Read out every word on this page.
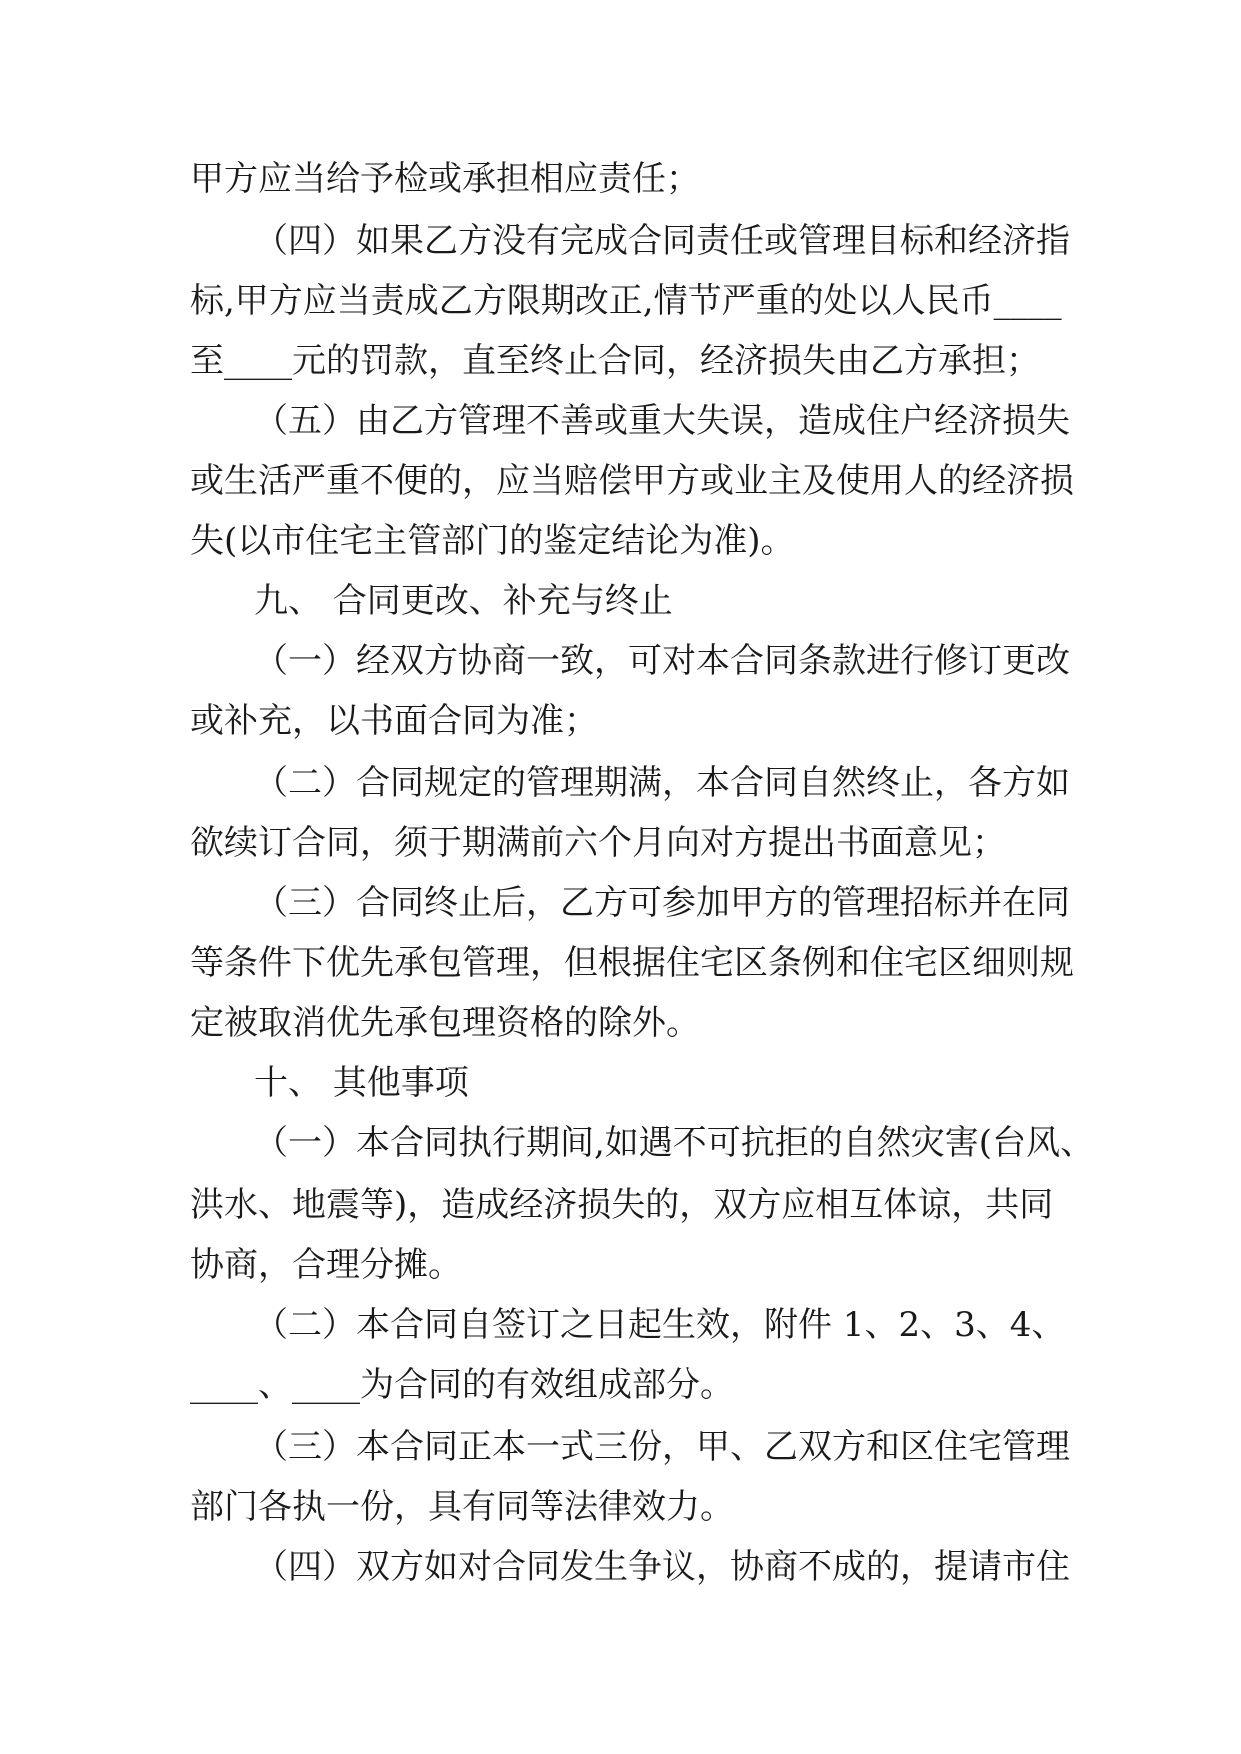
甲方应当给予检或承担相应责任；
（四）如果乙方没有完成合同责任或管理目标和经济指
标,甲方应当责成乙方限期改正,情节严重的处以人民币____
至____元的罚款，直至终止合同，经济损失由乙方承担；
（五）由乙方管理不善或重大失误，造成住户经济损失
或生活严重不便的，应当赔偿甲方或业主及使用人的经济损
失(以市住宅主管部门的鉴定结论为准)。
九、 合同更改、补充与终止
（一）经双方协商一致，可对本合同条款进行修订更改
或补充，以书面合同为准；
（二）合同规定的管理期满，本合同自然终止，各方如
欲续订合同，须于期满前六个月向对方提出书面意见；
（三）合同终止后，乙方可参加甲方的管理招标并在同
等条件下优先承包管理，但根据住宅区条例和住宅区细则规
定被取消优先承包理资格的除外。
十、 其他事项
（一）本合同执行期间,如遇不可抗拒的自然灾害(台风、
洪水、地震等)，造成经济损失的，双方应相互体谅，共同
协商，合理分摊。
（二）本合同自签订之日起生效，附件 1、2、3、4、
____、____为合同的有效组成部分。
（三）本合同正本一式三份，甲、乙双方和区住宅管理
部门各执一份，具有同等法律效力。
（四）双方如对合同发生争议，协商不成的，提请市住
